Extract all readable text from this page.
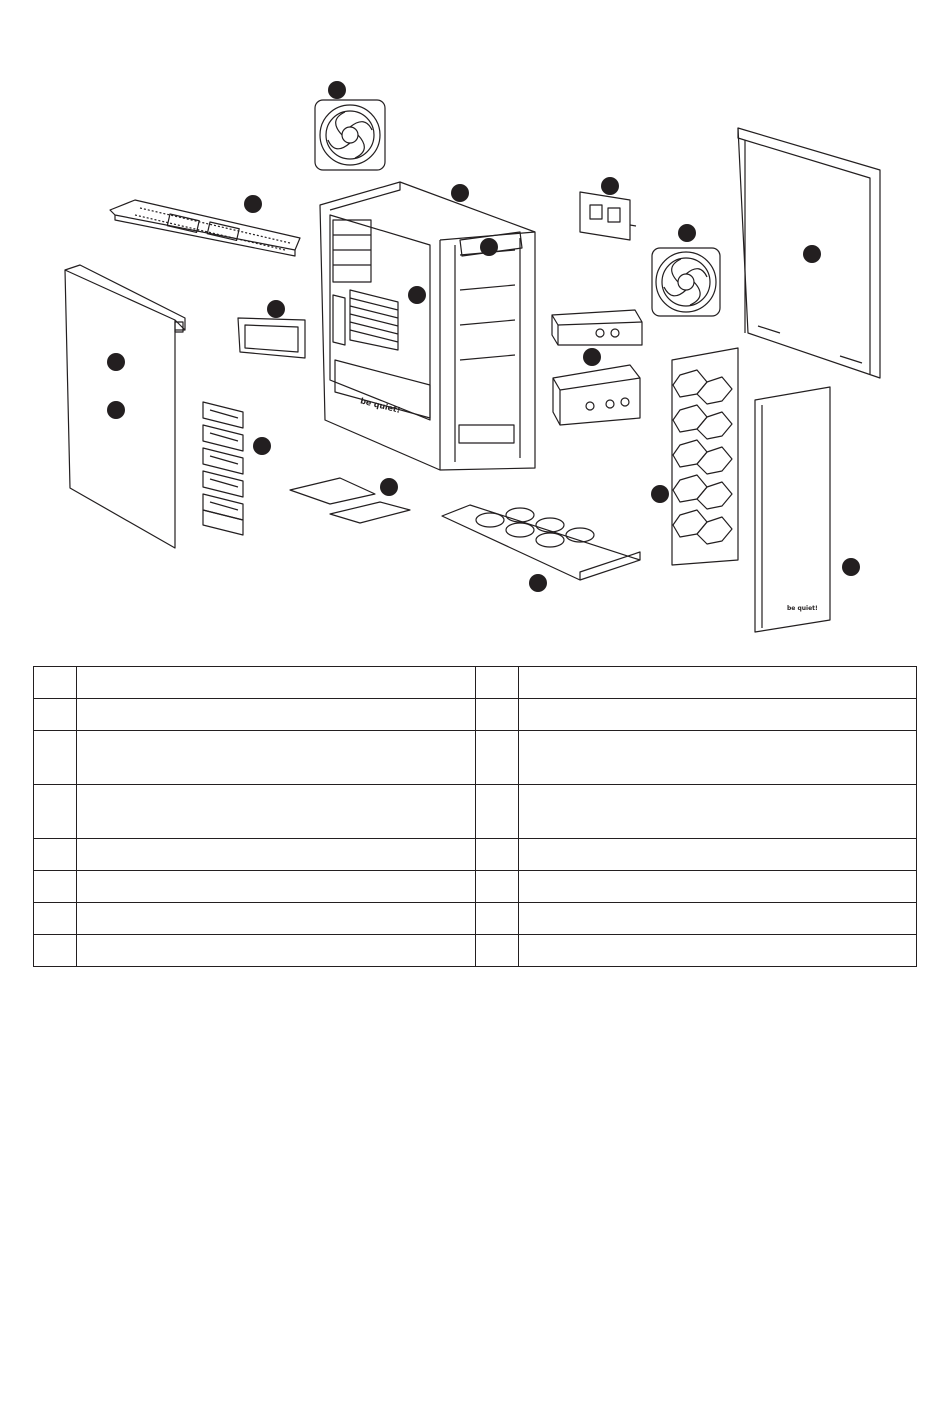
be quiet!
be quiet!
